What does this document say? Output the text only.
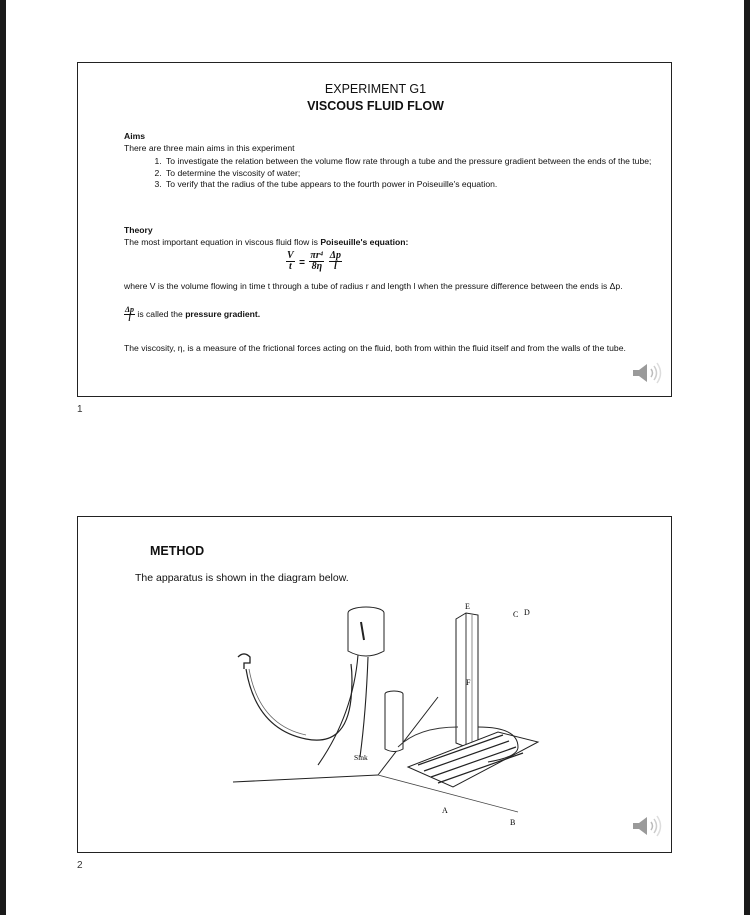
EXPERIMENT G1
VISCOUS FLUID FLOW
Aims
There are three main aims in this experiment
1. To investigate the relation between the volume flow rate through a tube and the pressure gradient between the ends of the tube;
2. To determine the viscosity of water;
3. To verify that the radius of the tube appears to the fourth power in Poiseuille's equation.
Theory
The most important equation in viscous fluid flow is Poiseuille's equation:
$\frac{V}{t} = \frac{\text{πr⁴}}{8\eta}$
$\frac{\Delta p}{l}$
where V is the volume flowing in time t through a tube of radius r and length l when the pressure difference between the ends is Δp.
$\frac{\Delta p}{l}$ is called the pressure gradient.
The viscosity, η, is a measure of the frictional forces acting on the fluid, both from within the fluid itself and from the walls of the tube.
1
METHOD
The apparatus is shown in the diagram below.
E
C D
F
Sink
A
B
2
